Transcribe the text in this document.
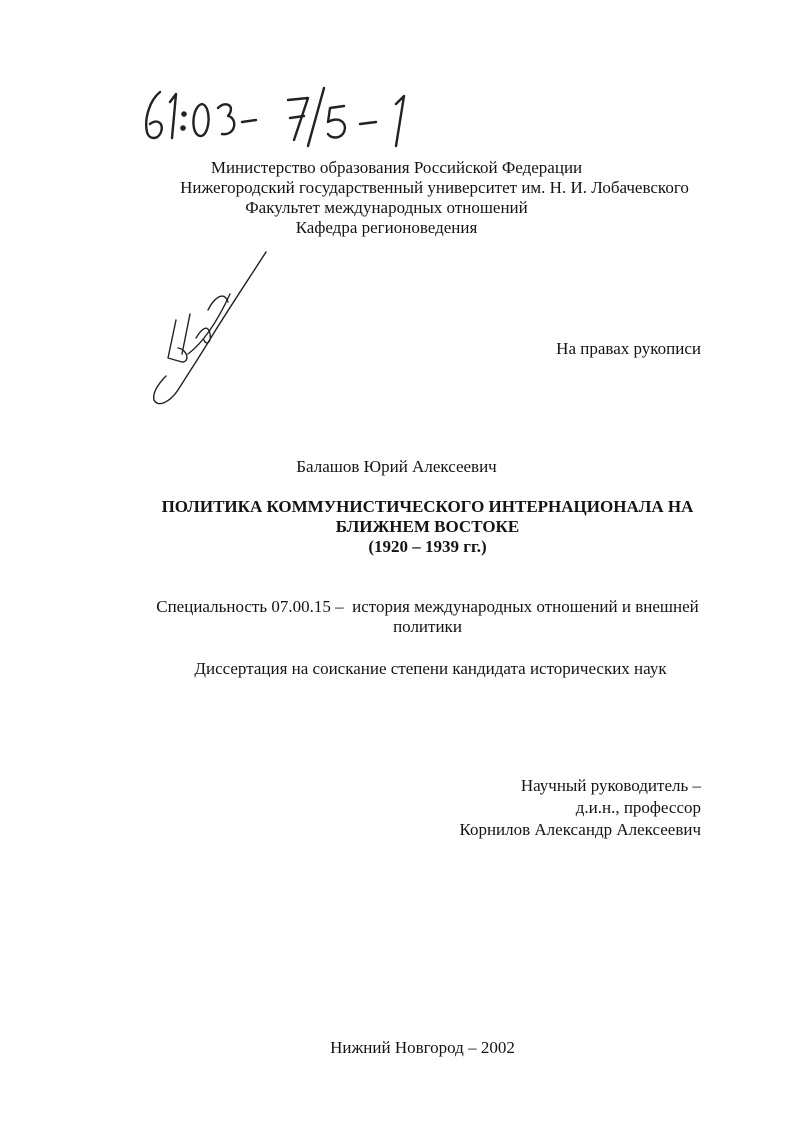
Министерство образования Российской Федерации
Нижегородский государственный университет им. Н. И. Лобачевского
Факультет международных отношений
Кафедра регионоведения
На правах рукописи
Балашов Юрий Алексеевич
ПОЛИТИКА КОММУНИСТИЧЕСКОГО ИНТЕРНАЦИОНАЛА НА
БЛИЖНЕМ ВОСТОКЕ
(1920 – 1939 гг.)
Специальность 07.00.15 –  история международных отношений и внешней
политики
Диссертация на соискание степени кандидата исторических наук
Научный руководитель –
д.и.н., профессор
Корнилов Александр Алексеевич
Нижний Новгород – 2002
